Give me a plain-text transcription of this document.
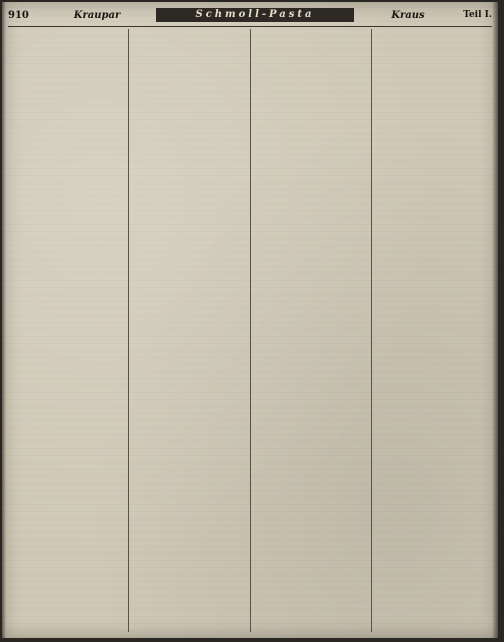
910	Kraupar	Schmoll-Pasta	Kraus	Teil I.
